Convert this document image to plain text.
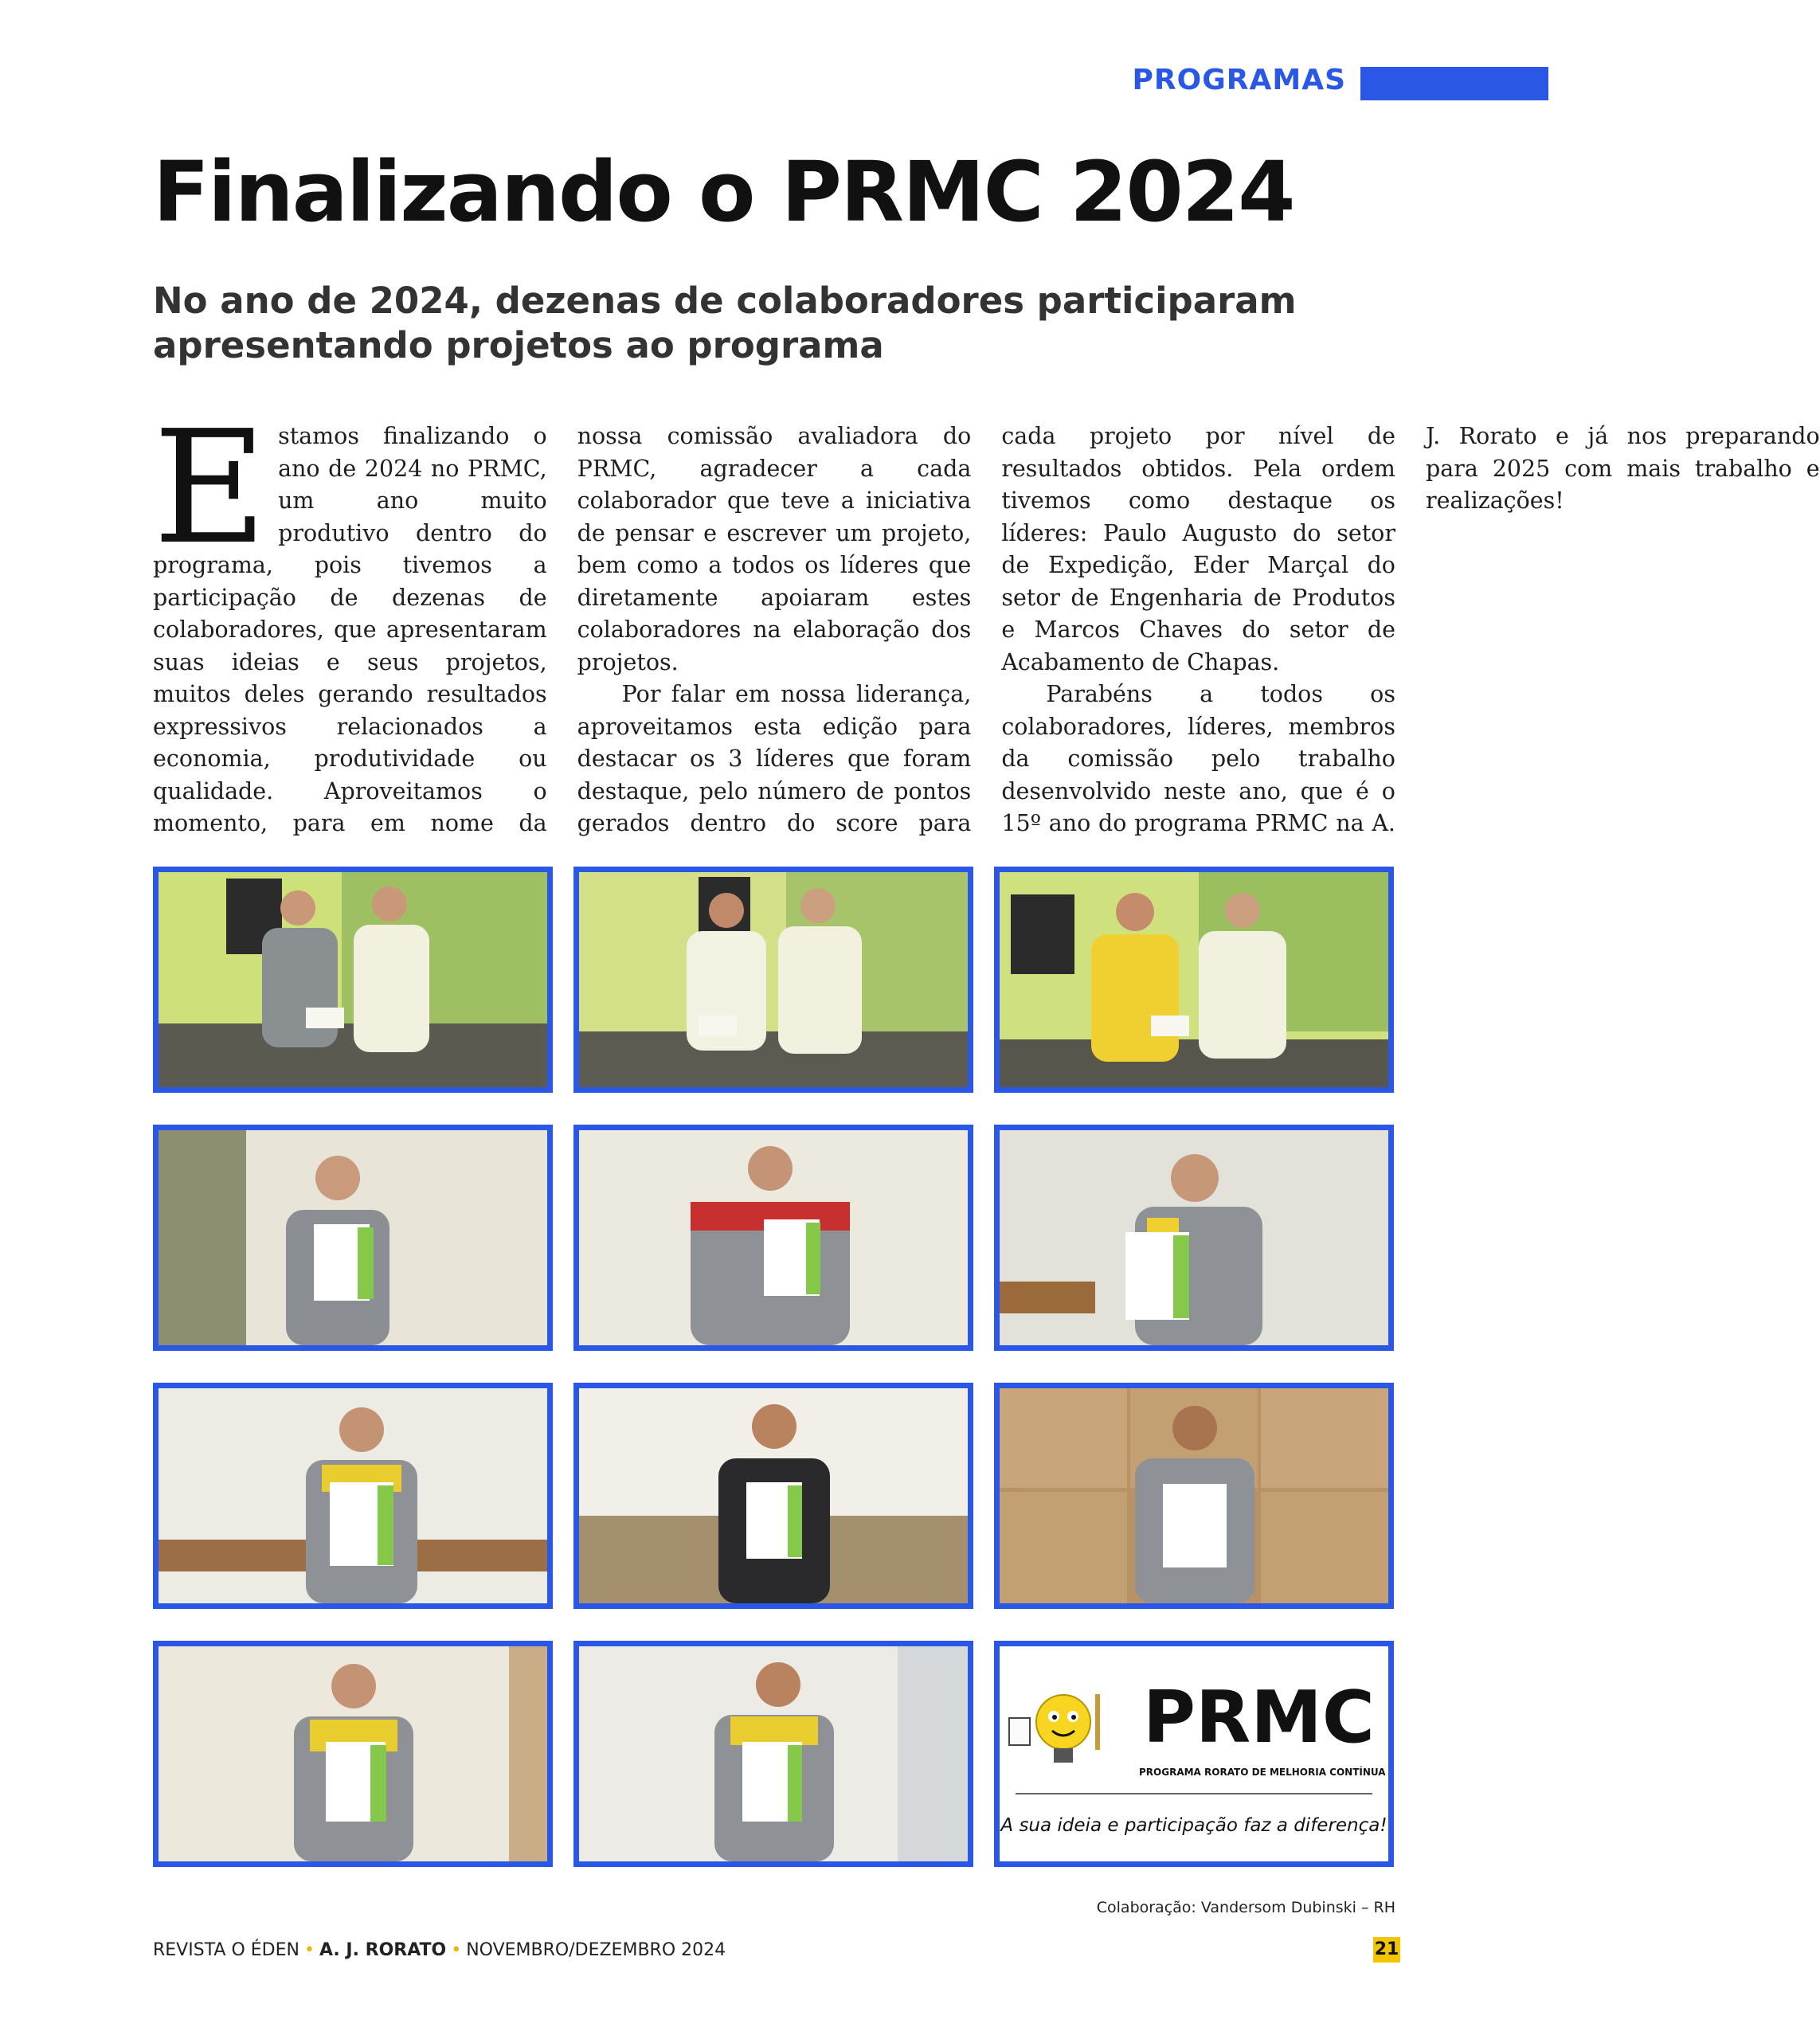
PROGRAMAS
Finalizando o PRMC 2024
No ano de 2024, dezenas de colaboradores participaram apresentando projetos ao programa

Estamos finalizando o ano de 2024 no PRMC, um ano muito produtivo dentro do programa, pois tivemos a participação de dezenas de colaboradores, que apresentaram suas ideias e seus projetos, muitos deles gerando resultados expressivos relacionados a economia, produtividade ou qualidade. Aproveitamos o momento, para em nome da nossa comissão avaliadora do PRMC, agradecer a cada colaborador que teve a iniciativa de pensar e escrever um projeto, bem como a todos os líderes que diretamente apoiaram estes colaboradores na elaboração dos projetos.

Por falar em nossa liderança, aproveitamos esta edição para destacar os 3 líderes que foram destaque, pelo número de pontos gerados dentro do score para cada projeto por nível de resultados obtidos. Pela ordem tivemos como destaque os líderes: Paulo Augusto do setor de Expedição, Eder Marçal do setor de Engenharia de Produtos e Marcos Chaves do setor de Acabamento de Chapas.

Parabéns a todos os colaboradores, líderes, membros da comissão pelo trabalho desenvolvido neste ano, que é o 15º ano do programa PRMC na A. J. Rorato e já nos preparando para 2025 com mais trabalho e realizações!

PRMC
PROGRAMA RORATO DE MELHORIA CONTÍNUA
A sua ideia e participação faz a diferença!
Colaboração: Vandersom Dubinski – RH
REVISTA O ÉDEN • A. J. RORATO • NOVEMBRO/DEZEMBRO 2024	21
